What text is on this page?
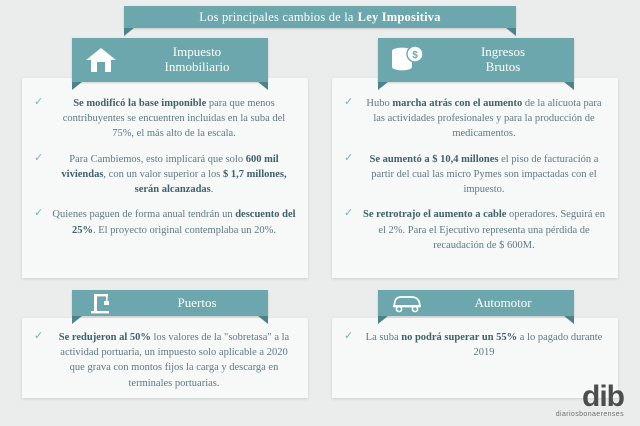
Los principales cambios de la Ley Impositiva
Impuesto
Inmobiliario
$	Ingresos
Brutos
Puertos	Automotor
✓	Se modificó la base imponible para que menos contribuyentes se encuentren incluidas en la suba del 75%, el más alto de la escala.
✓ Para Cambiemos, esto implicará que solo 600 mil viviendas, con un valor superior a los $ 1,7 millones, serán alcanzadas.
✓ Quienes paguen de forma anual tendrán un descuento del 25%. El proyecto original contemplaba un 20%.
✓ Hubo marcha atrás con el aumento de la alícuota para las actividades profesionales y para la producción de medicamentos.
✓ Se aumentó a $ 10,4 millones el piso de facturación a partir del cual las micro Pymes son impactadas con el impuesto.
✓ Se retrotrajo el aumento a cable operadores. Seguirá en el 2%. Para el Ejecutivo representa una pérdida de recaudación de $ 600M.
✓ Se redujeron al 50% los valores de la "sobretasa" a la actividad portuaria, un impuesto solo aplicable a 2020 que grava con montos fijos la carga y descarga en terminales portuarias.
✓ La suba no podrá superar un 55% a lo pagado durante 2019
dib
diariosbonaerenses
